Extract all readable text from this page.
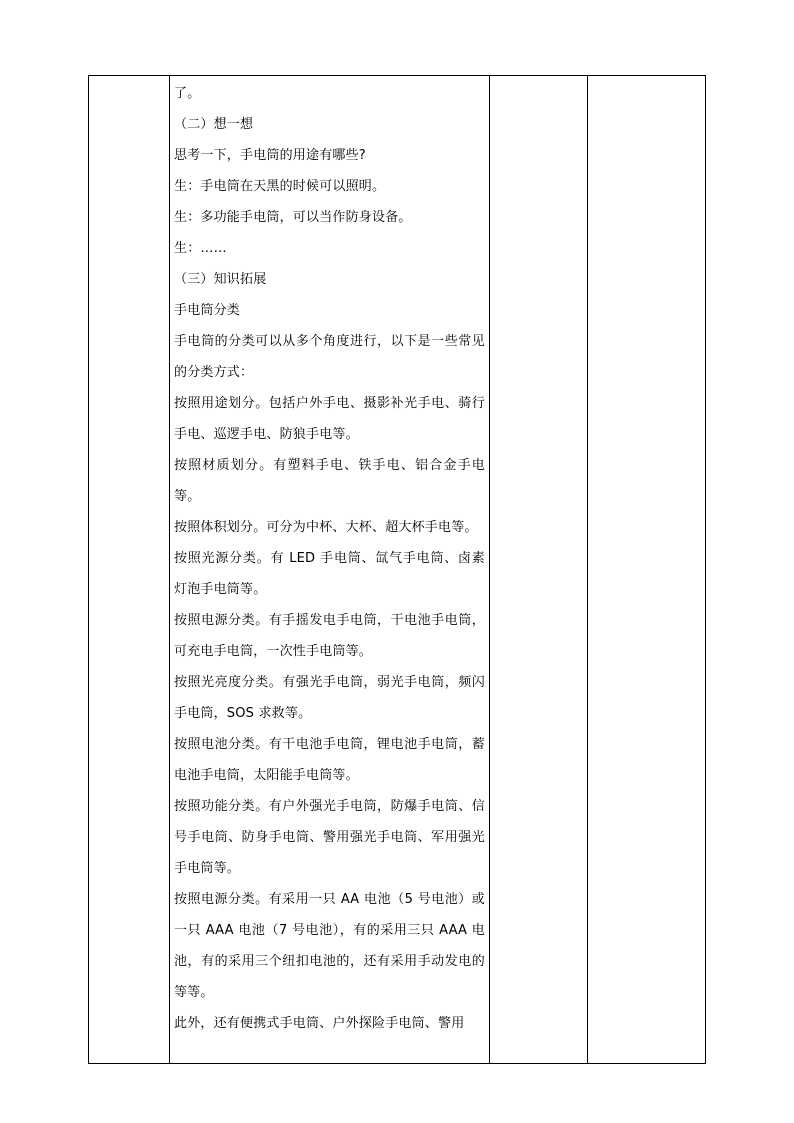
了。

（二）想一想

思考一下，手电筒的用途有哪些?

生：手电筒在天黑的时候可以照明。

生：多功能手电筒，可以当作防身设备。

生：……

（三）知识拓展

手电筒分类

手电筒的分类可以从多个角度进行，以下是一些常见的分类方式：

按照用途划分。包括户外手电、摄影补光手电、骑行手电、巡逻手电、防狼手电等。

按照材质划分。有塑料手电、铁手电、铝合金手电等。

按照体积划分。可分为中杯、大杯、超大杯手电等。

按照光源分类。有 LED 手电筒、氙气手电筒、卤素灯泡手电筒等。

按照电源分类。有手摇发电手电筒，干电池手电筒，可充电手电筒，一次性手电筒等。

按照光亮度分类。有强光手电筒，弱光手电筒，频闪手电筒，SOS 求救等。

按照电池分类。有干电池手电筒，锂电池手电筒，蓄电池手电筒，太阳能手电筒等。

按照功能分类。有户外强光手电筒，防爆手电筒、信号手电筒、防身手电筒、警用强光手电筒、军用强光手电筒等。

按照电源分类。有采用一只 AA 电池（5 号电池）或一只 AAA 电池（7 号电池），有的采用三只 AAA 电池，有的采用三个纽扣电池的，还有采用手动发电的等等。

此外，还有便携式手电筒、户外探险手电筒、警用
